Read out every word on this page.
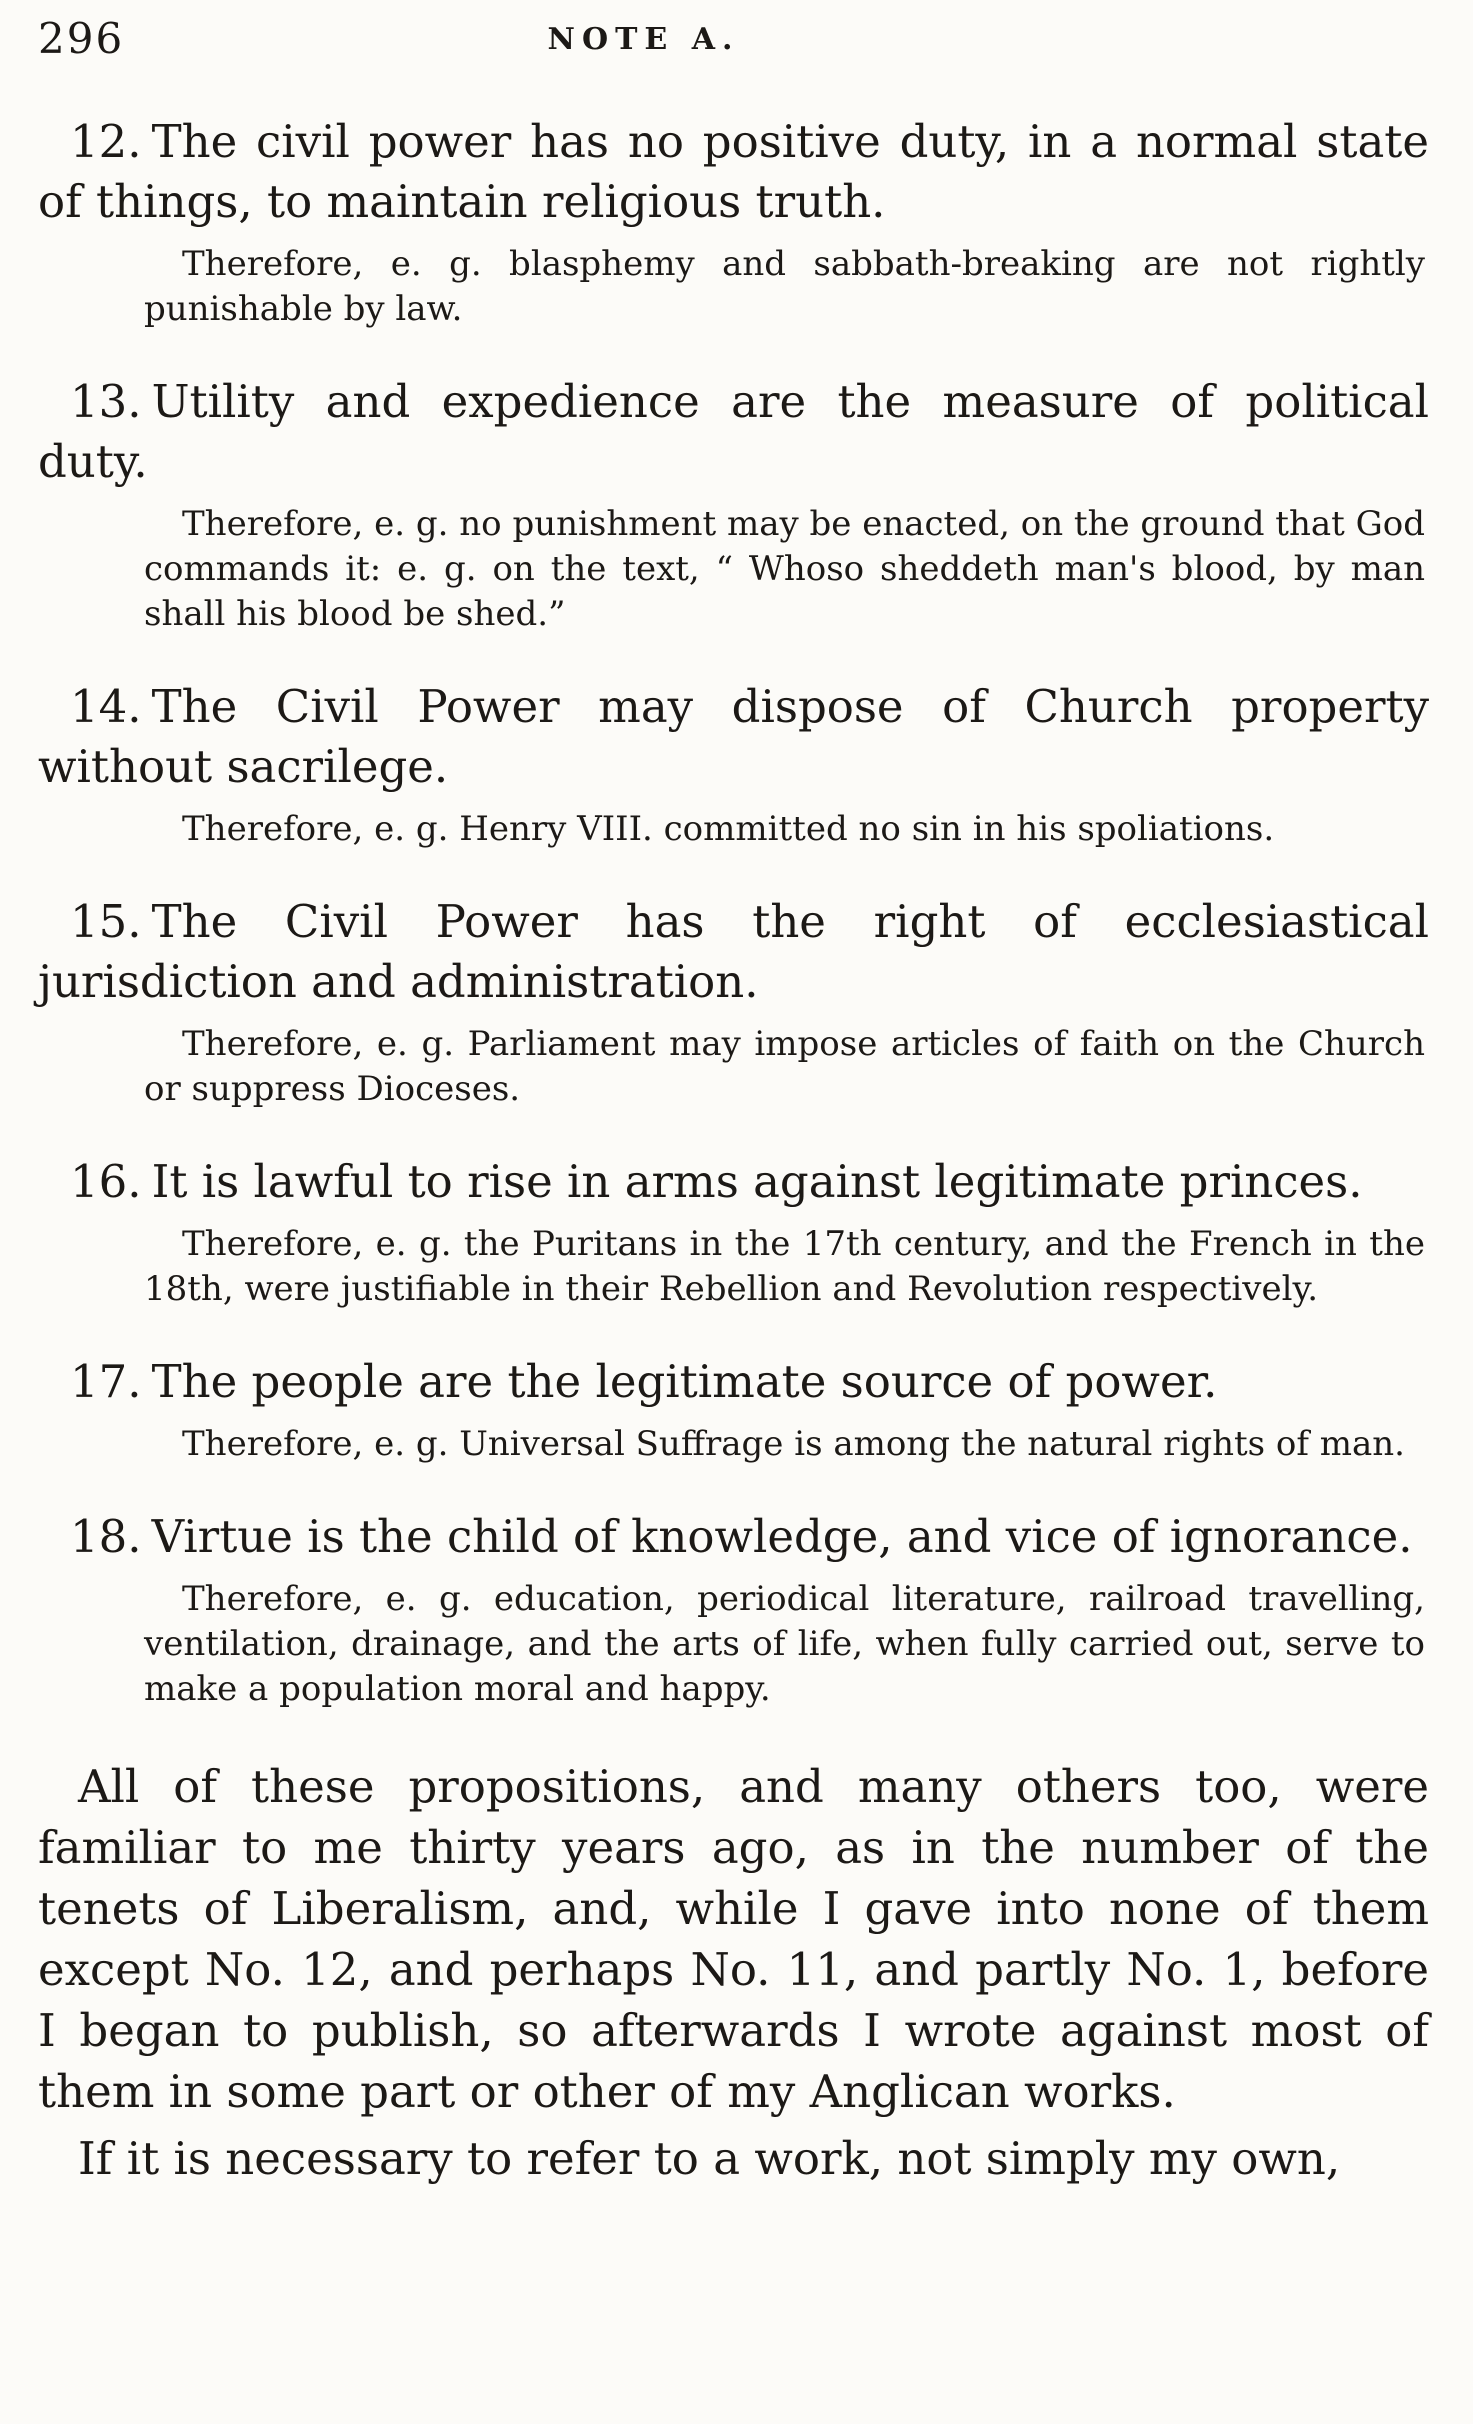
296	NOTE A.

12. The civil power has no positive duty, in a normal state of things, to maintain religious truth.

Therefore, e. g. blasphemy and sabbath-breaking are not rightly punishable by law.

13. Utility and expedience are the measure of political duty.

Therefore, e. g. no punishment may be enacted, on the ground that God commands it: e. g. on the text, “ Whoso sheddeth man's blood, by man shall his blood be shed.”

14. The Civil Power may dispose of Church property without sacrilege.

Therefore, e. g. Henry VIII. committed no sin in his spoliations.

15. The Civil Power has the right of ecclesiastical jurisdiction and administration.

Therefore, e. g. Parliament may impose articles of faith on the Church or suppress Dioceses.

16. It is lawful to rise in arms against legitimate princes.

Therefore, e. g. the Puritans in the 17th century, and the French in the 18th, were justifiable in their Rebellion and Revolution respectively.

17. The people are the legitimate source of power.

Therefore, e. g. Universal Suffrage is among the natural rights of man.

18. Virtue is the child of knowledge, and vice of ignorance.

Therefore, e. g. education, periodical literature, railroad travelling, ventilation, drainage, and the arts of life, when fully carried out, serve to make a population moral and happy.

All of these propositions, and many others too, were familiar to me thirty years ago, as in the number of the tenets of Liberalism, and, while I gave into none of them except No. 12, and perhaps No. 11, and partly No. 1, before I began to publish, so afterwards I wrote against most of them in some part or other of my Anglican works.

If it is necessary to refer to a work, not simply my own,
